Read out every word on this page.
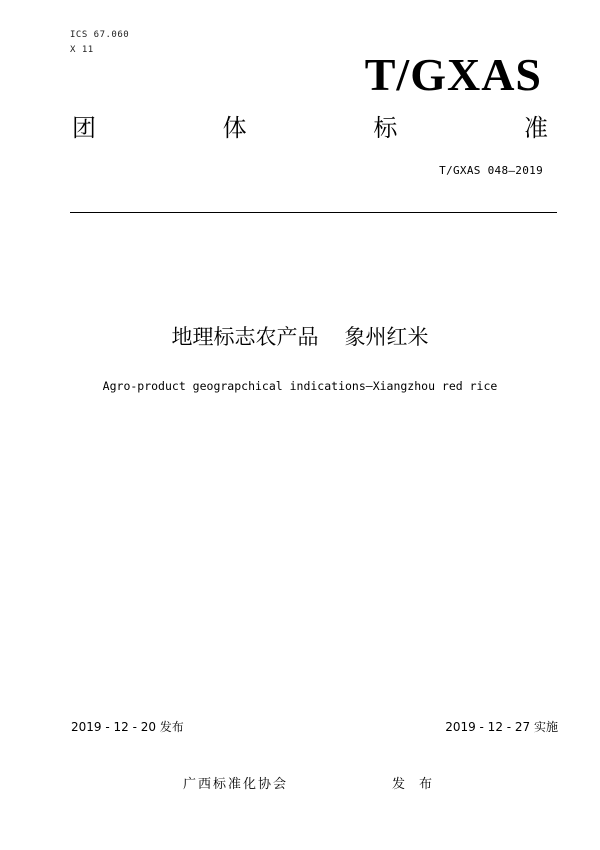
ICS 67.060
X 11	T/GXAS
团	体	标	准
T/GXAS 048—2019
地理标志农产品 象州红米
Agro-product geograpchical indications—Xiangzhou red rice
2019 - 12 - 20 发布	2019 - 12 - 27 实施
广西标准化协会	发 布
